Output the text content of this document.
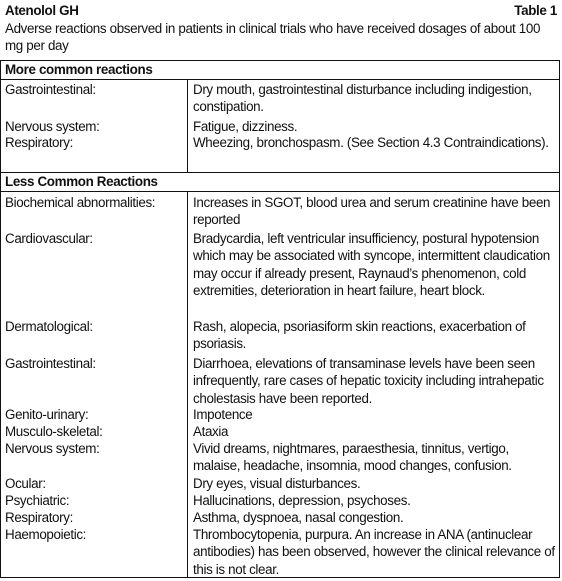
Atenolol GH	Table 1
Adverse reactions observed in patients in clinical trials who have received dosages of about 100 mg per day
More common reactions
Gastrointestinal:	Dry mouth, gastrointestinal disturbance including indigestion, constipation.
Nervous system:	Fatigue, dizziness.
Respiratory:	Wheezing, bronchospasm. (See Section 4.3 Contraindications).
Less Common Reactions
Biochemical abnormalities:	Increases in SGOT, blood urea and serum creatinine have been reported
Cardiovascular:	Bradycardia, left ventricular insufficiency, postural hypotension which may be associated with syncope, intermittent claudication may occur if already present, Raynaud’s phenomenon, cold extremities, deterioration in heart failure, heart block.
Dermatological:	Rash, alopecia, psoriasiform skin reactions, exacerbation of psoriasis.
Gastrointestinal:	Diarrhoea, elevations of transaminase levels have been seen infrequently, rare cases of hepatic toxicity including intrahepatic cholestasis have been reported.
Genito-urinary:	Impotence
Musculo-skeletal:	Ataxia
Nervous system:	Vivid dreams, nightmares, paraesthesia, tinnitus, vertigo, malaise, headache, insomnia, mood changes, confusion.
Ocular:	Dry eyes, visual disturbances.
Psychiatric:	Hallucinations, depression, psychoses.
Respiratory:	Asthma, dyspnoea, nasal congestion.
Haemopoietic:	Thrombocytopenia, purpura. An increase in ANA (antinuclear antibodies) has been observed, however the clinical relevance of this is not clear.
